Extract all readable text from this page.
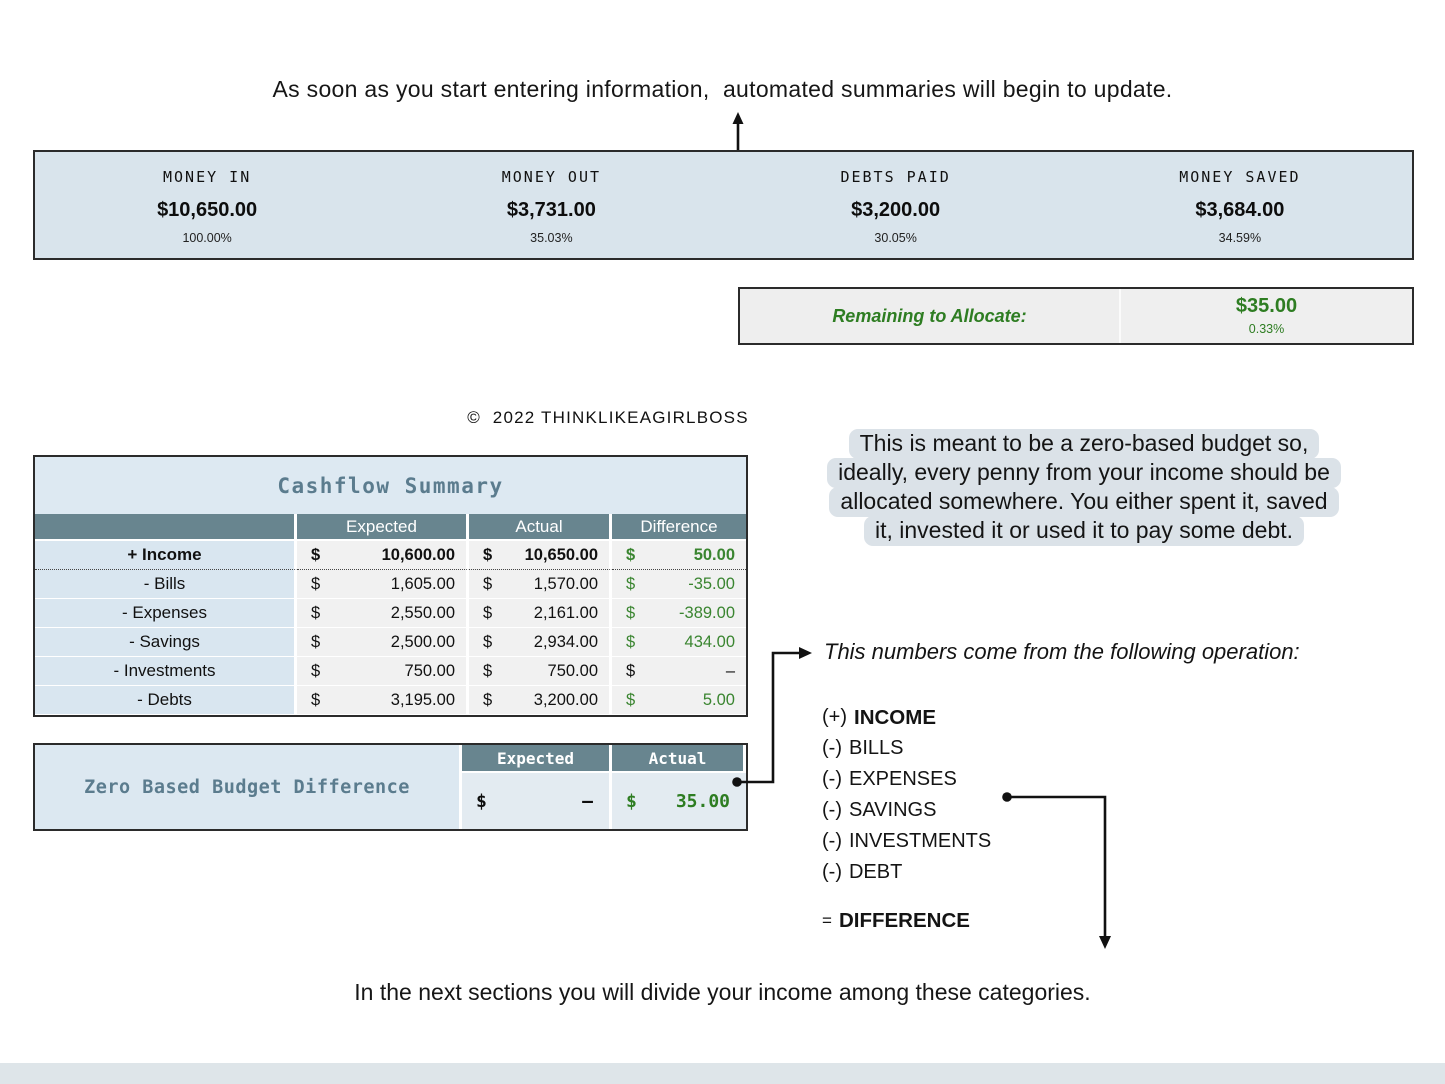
As soon as you start entering information,  automated summaries will begin to update.
MONEY IN
$10,650.00
100.00%
MONEY OUT
$3,731.00
35.03%
DEBTS PAID
$3,200.00
30.05%
MONEY SAVED
$3,684.00
34.59%
Remaining to Allocate:	$35.00
0.33%
©  2022 THINKLIKEAGIRLBOSS
Cashflow Summary
Expected	Actual	Difference
+ Income	$	10,600.00 $ 10,650.00 $	50.00
- Bills	$	1,605.00 $	1,570.00 $	-35.00
- Expenses	$	2,550.00 $	2,161.00 $	-389.00
- Savings	$	2,500.00 $	2,934.00 $	434.00
- Investments	$	750.00 $	750.00 $	–
- Debts	$	3,195.00 $	3,200.00 $	5.00
Zero Based Budget Difference
Expected	Actual
$	– $ 35.00
This is meant to be a zero-based budget so,
ideally, every penny from your income should be
allocated somewhere. You either spent it, saved
it, invested it or used it to pay some debt.
This numbers come from the following operation:
(+) INCOME
(-) BILLS
(-) EXPENSES
(-) SAVINGS
(-) INVESTMENTS
(-) DEBT
= DIFFERENCE
In the next sections you will divide your income among these categories.
